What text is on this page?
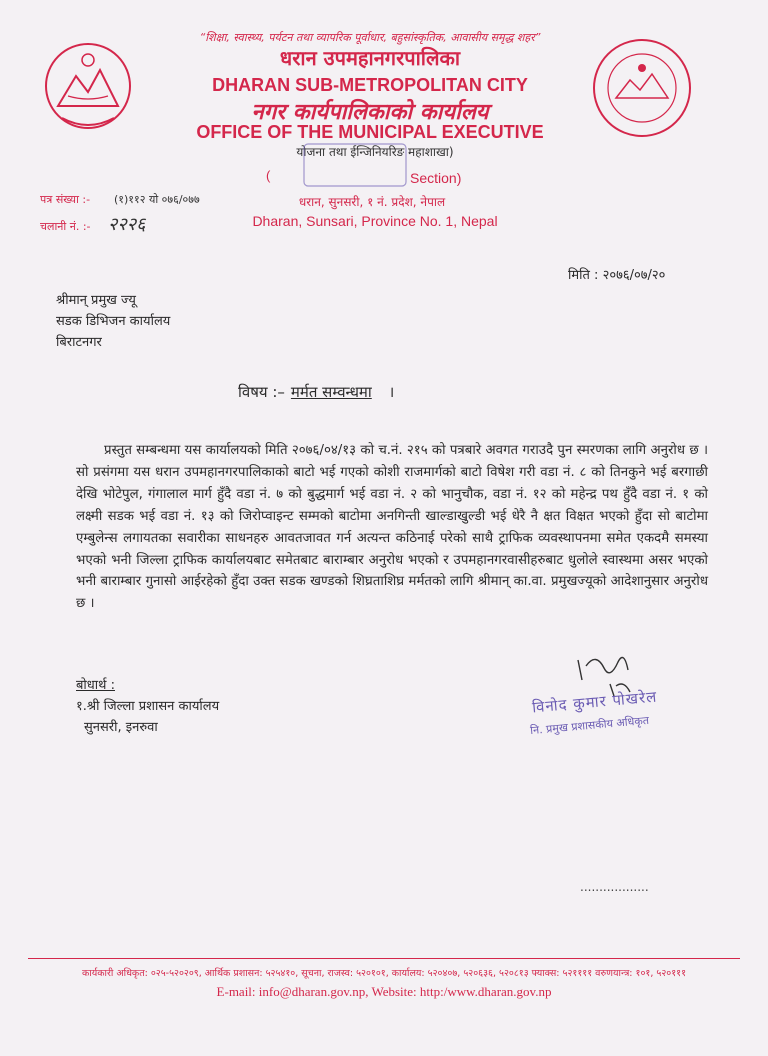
“शिक्षा, स्वास्थ्य, पर्यटन तथा व्यापरिक पूर्वाधार, बहुसांस्कृतिक, आवासीय समृद्ध शहर”
धरान उपमहानगरपालिका
DHARAN SUB-METROPOLITAN CITY
नगर कार्यपालिकाको कार्यालय
OFFICE OF THE MUNICIPAL EXECUTIVE
योजना तथा ईन्जिनियरिङ महाशाखा)
(	Section)
धरान, सुनसरी, १ नं. प्रदेश, नेपाल
Dharan, Sunsari, Province No. 1, Nepal
पत्र संख्या :- (१)११२ यो ०७६/०७७
चलानी नं. :- २२२६
मिति : २०७६/०७/२०
श्रीमान् प्रमुख ज्यू
सडक डिभिजन कार्यालय
बिराटनगर
विषय :– मर्मत सम्वन्धमा ।
प्रस्तुत सम्बन्धमा यस कार्यालयको मिति २०७६/०४/१३ को च.नं. २१५ को पत्रबारे अवगत गराउदै पुन स्मरणका लागि अनुरोध छ । सो प्रसंगमा यस धरान उपमहानगरपालिकाको बाटो भई गएको कोशी राजमार्गको बाटो विषेश गरी वडा नं. ८ को तिनकुने भई बरगाछी देखि भोटेपुल, गंगालाल मार्ग हुँदै वडा नं. ७ को बुद्धमार्ग भई वडा नं. २ को भानुचौक, वडा नं. १२ को महेन्द्र पथ हुँदै वडा नं. १ को लक्ष्मी सडक भई वडा नं. १३ को जिरोप्वाइन्ट सम्मको बाटोमा अनगिन्ती खाल्डाखुल्डी भई धेरै नै क्षत विक्षत भएको हुँदा सो बाटोमा एम्बुलेन्स लगायतका सवारीका साधनहरु आवतजावत गर्न अत्यन्त कठिनाई परेको साथै ट्राफिक व्यवस्थापनमा समेत एकदमै समस्या भएको भनी जिल्ला ट्राफिक कार्यालयबाट समेतबाट बाराम्बार अनुरोध भएको र उपमहानगरवासीहरुबाट धुलोले स्वास्थमा असर भएको भनी बाराम्बार गुनासो आईरहेको हुँदा उक्त सडक खण्डको शिघ्रताशिघ्र मर्मतको लागि श्रीमान् का.वा. प्रमुखज्यूको आदेशानुसार अनुरोध छ ।
बोधार्थ :
१.श्री जिल्ला प्रशासन कार्यालय
सुनसरी, इनरुवा
विनोद कुमार पोखरेल
नि. प्रमुख प्रशासकीय अधिकृत
..................
कार्यकारी अधिकृत: ०२५-५२०२०९, आर्थिक प्रशासन: ५२५४१०, सूचना, राजस्व: ५२०१०१, कार्यालय: ५२०४०७, ५२०६३६, ५२०८१३ फ्याक्स: ५२११११ वरुणयान्त्र: १०१, ५२०१११
E-mail: info@dharan.gov.np, Website: http:/www.dharan.gov.np
